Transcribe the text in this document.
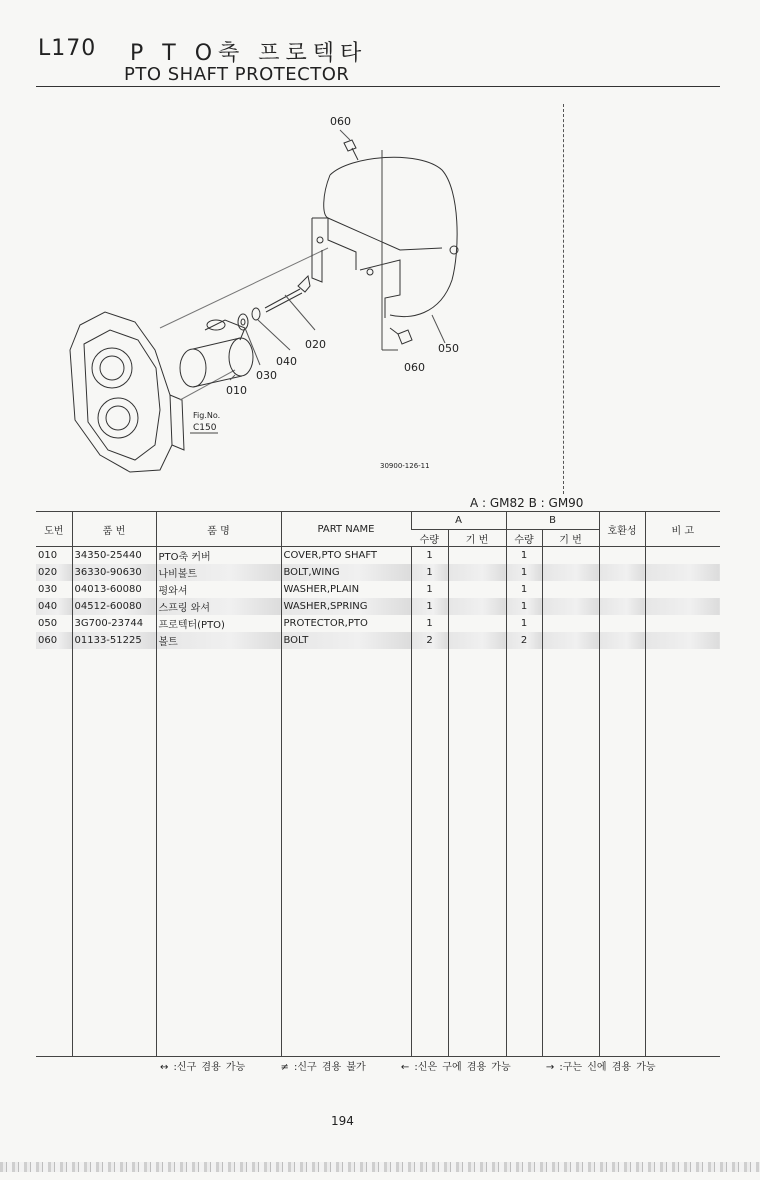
L170 P T O축 프로텍타
PTO SHAFT PROTECTOR
060
020	050
040	060
030
010
Fig.No.
C150
30900-126-11
A : GM82 B : GM90
도번	품 번	품 명	PART NAME	A		B		호환성	비 고
				수량	기 번	수량	기 번		
010	34350-25440	PTO축 커버	COVER,PTO SHAFT	1		1			
020	36330-90630	나비볼트	BOLT,WING	1		1			
030	04013-60080	평와셔	WASHER,PLAIN	1		1			
040	04512-60080	스프링 와셔	WASHER,SPRING	1		1			
050	3G700-23744	프로텍터(PTO)	PROTECTOR,PTO	1		1			
060	01133-51225	볼트	BOLT	2		2			

↔ :신구 겸용 가능	≠ :신구 겸용 불가	← :신은 구에 겸용 가능	→ :구는 신에 겸용 가능
194
